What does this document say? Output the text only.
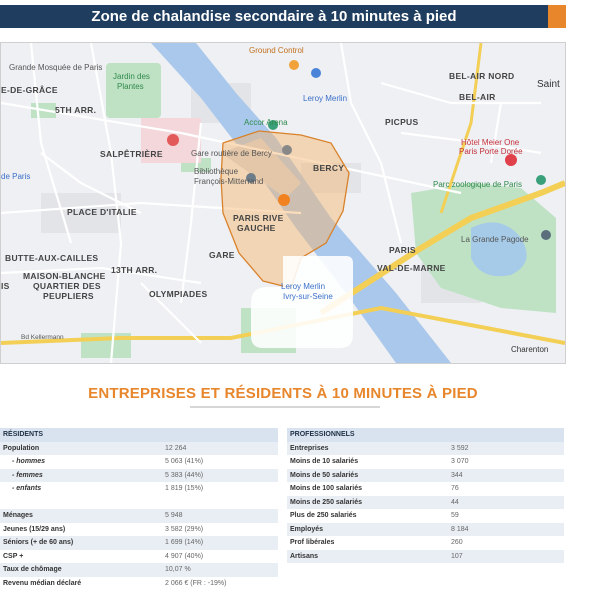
Zone de chalandise secondaire à 10 minutes à pied
Grande Mosquée de Paris
Jardin des
Plantes
Ground Control
BEL-AIR NORD
BEL-AIR
Saint
E-DE-GRÂCE
5TH ARR.
Leroy Merlin
Accor Arena	PICPUS
Hôtel Meier One
Paris Porte Dorée
SALPÊTRIÈRE	Gare routière de Bercy
BERCY
Bibliothèque
François-Mitterrand
de Paris
Parc zoologique de Paris
PLACE D'ITALIE
PARIS RIVE
GAUCHE
PARIS
La Grande Pagode
BUTTE-AUX-CAILLES
13TH ARR.
GARE
VAL-DE-MARNE
MAISON-BLANCHE
IS	QUARTIER DES
PEUPLIERS	OLYMPIADES
Leroy Merlin
Ivry-sur-Seine
Charenton
Bd Kellermann
ENTREPRISES ET RÉSIDENTS À 10 MINUTES À PIED
RÉSIDENTS	
Population	12 264
- hommes	5 063 (41%)
- femmes	5 383 (44%)
- enfants	1 819 (15%)

Ménages	5 948
Jeunes (15/29 ans)	3 582 (29%)
Séniors (+ de 60 ans)	1 699 (14%)
CSP +	4 907 (40%)
Taux de chômage	10,07 %
Revenu médian déclaré	2 066 € (FR : -19%)
PROFESSIONNELS	
Entreprises	3 592
Moins de 10 salariés	3 070
Moins de 50 salariés	344
Moins de 100 salariés	76
Moins de 250 salariés	44
Plus de 250 salariés	59
Employés	8 184
Prof libérales	260
Artisans	107
